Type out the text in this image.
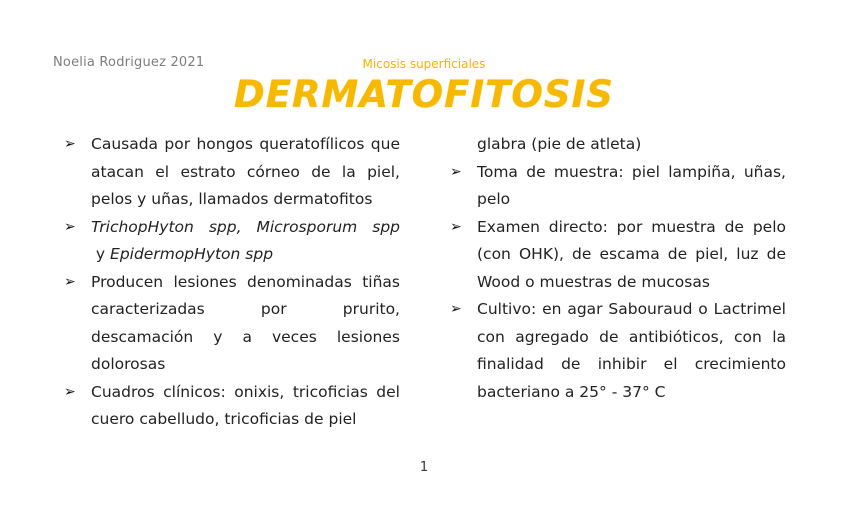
Noelia Rodriguez 2021	Micosis superficiales
DERMATOFITOSIS
➢ Causada por hongos queratofílicos que atacan el estrato córneo de la piel, pelos y uñas, llamados dermatofitos
➢ TrichopHyton spp, Microsporum spp y EpidermopHyton spp
➢ Producen lesiones denominadas tiñas caracterizadas por prurito, descamación y a veces lesiones dolorosas
➢ Cuadros clínicos: onixis, tricoficias del cuero cabelludo, tricoficias de piel
glabra (pie de atleta)
➢ Toma de muestra: piel lampiña, uñas, pelo
➢ Examen directo: por muestra de pelo (con OHK), de escama de piel, luz de Wood o muestras de mucosas
➢ Cultivo: en agar Sabouraud o Lactrimel con agregado de antibióticos, con la finalidad de inhibir el crecimiento bacteriano a 25° - 37° C
1
